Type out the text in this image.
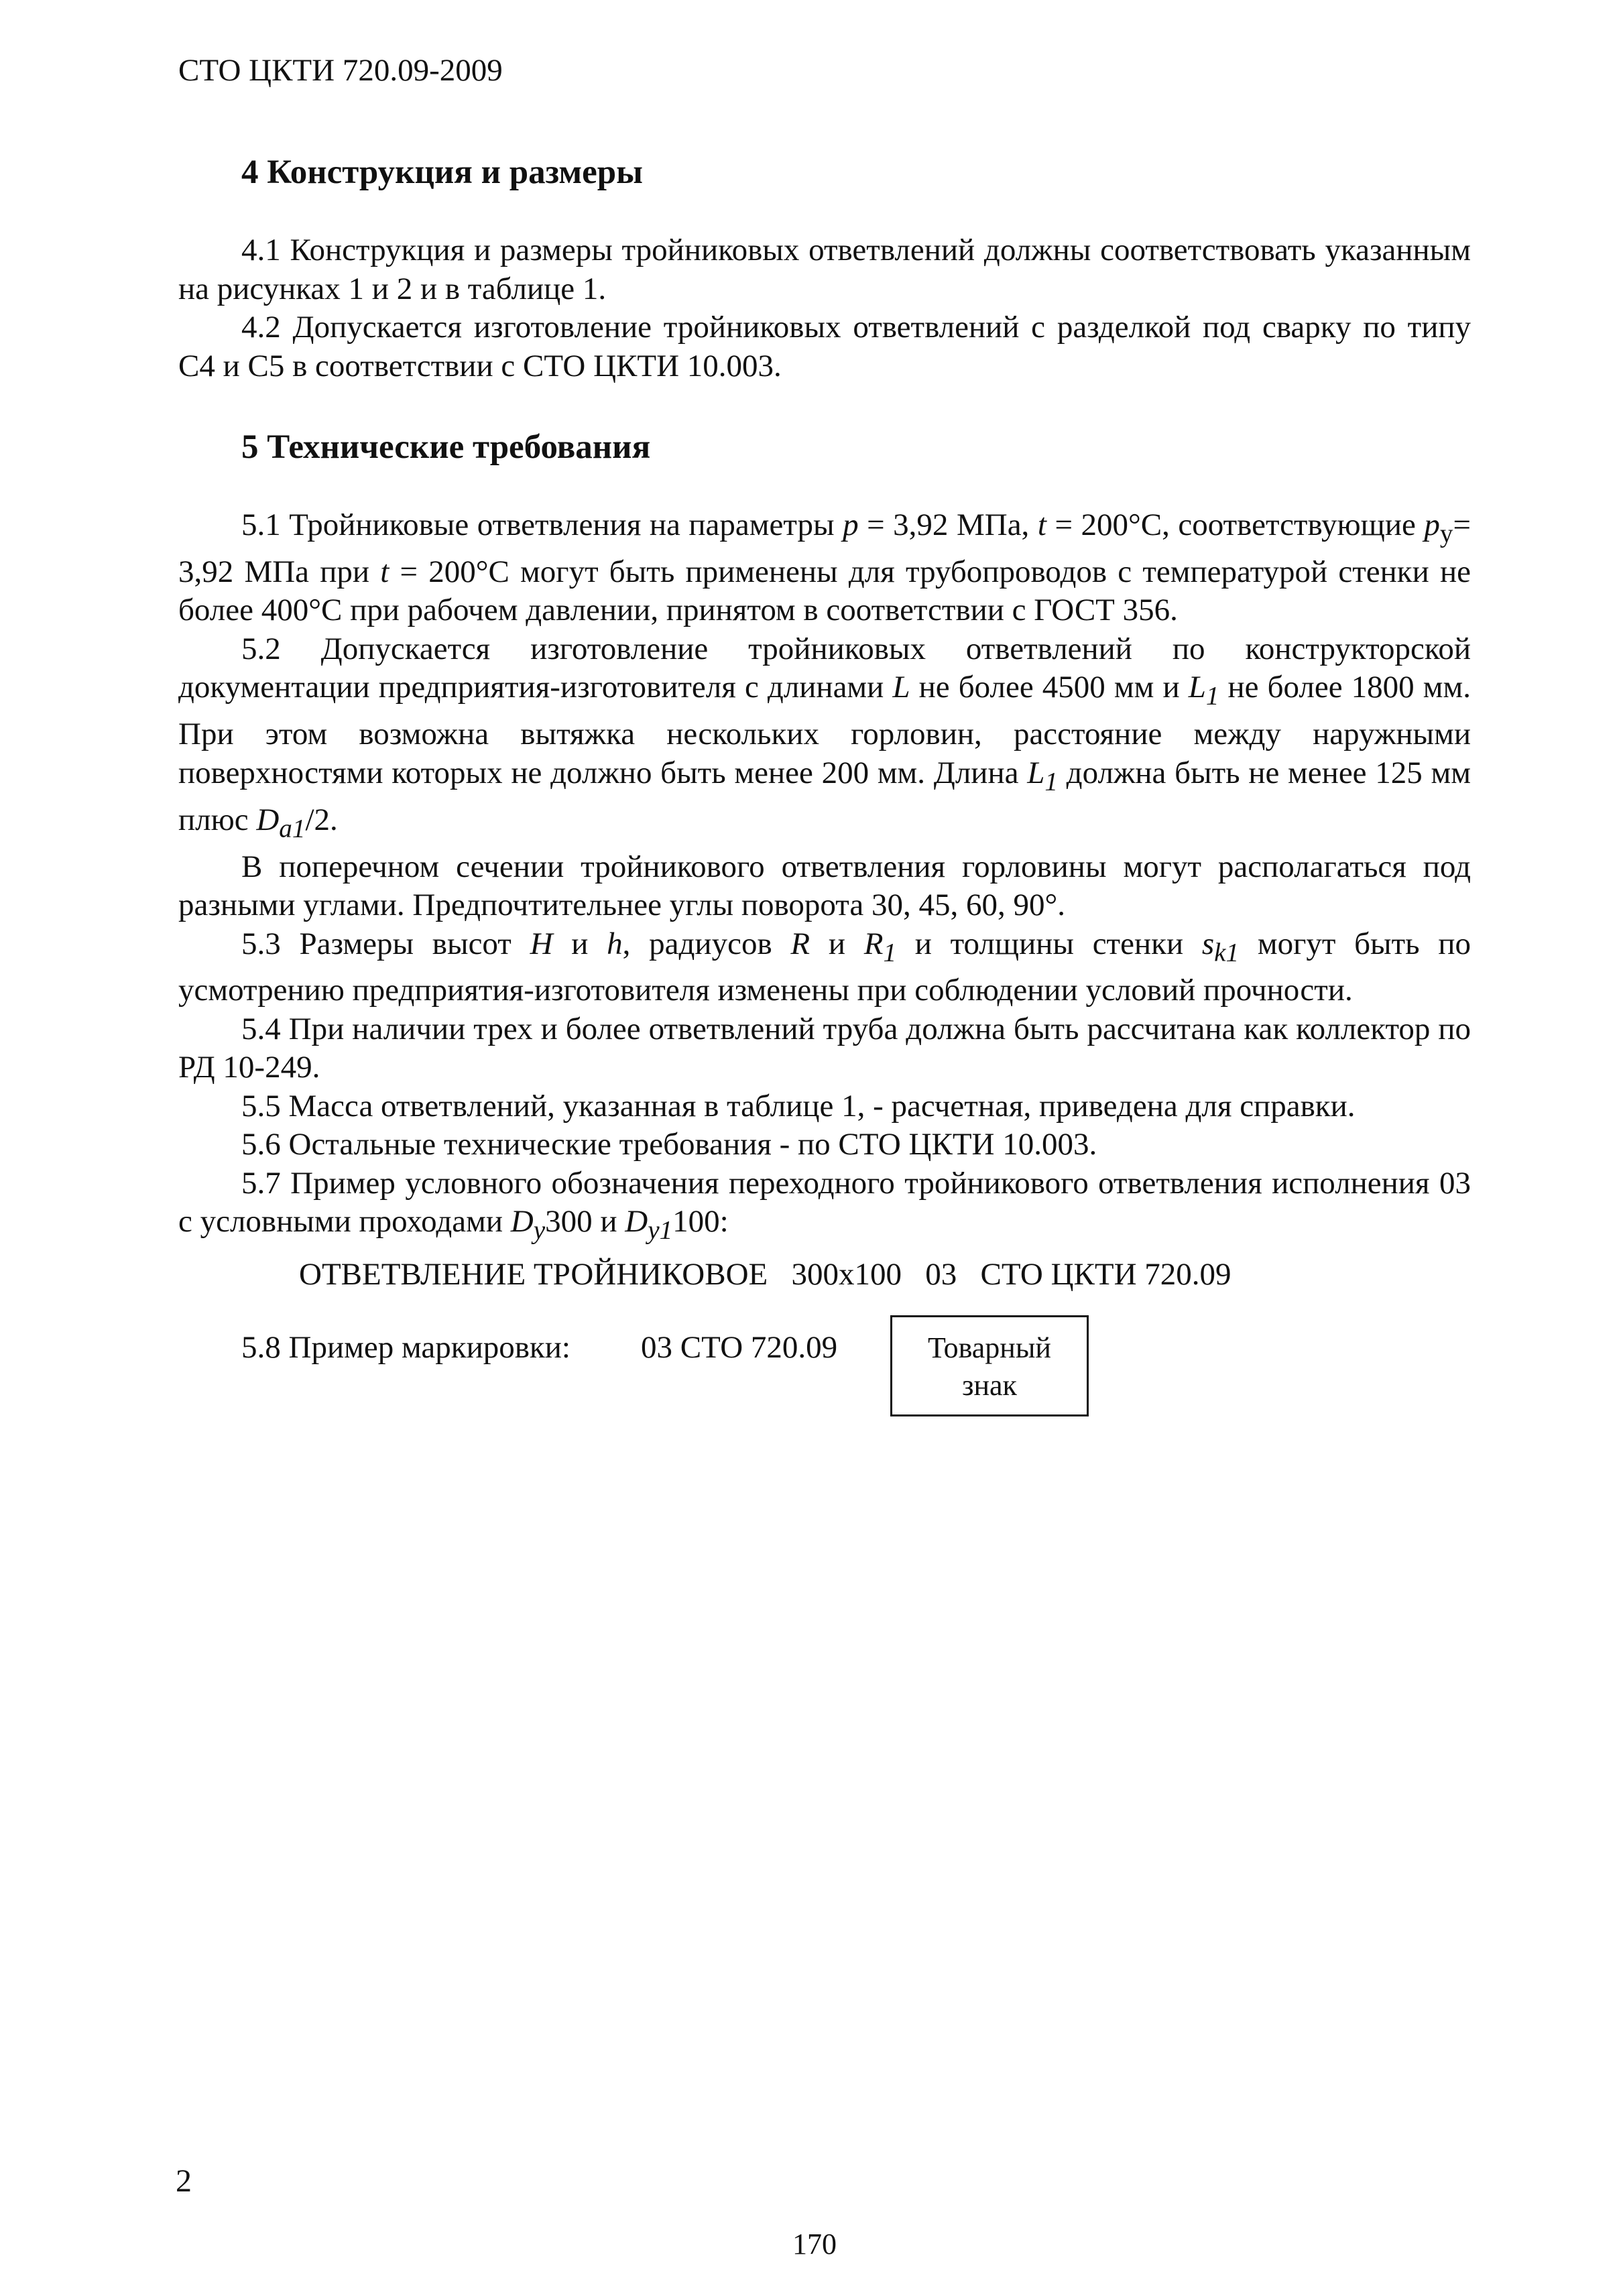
СТО ЦКТИ 720.09-2009
4 Конструкция и размеры

4.1 Конструкция и размеры тройниковых ответвлений должны соответствовать указанным на рисунках 1 и 2 и в таблице 1.

4.2 Допускается изготовление тройниковых ответвлений с разделкой под сварку по типу С4 и С5 в соответствии с СТО ЦКТИ 10.003.

5 Технические требования

5.1 Тройниковые ответвления на параметры р = 3,92 МПа, t = 200°С, соответствующие $р_у= 3,92$ МПа при t = 200°С могут быть применены для трубопроводов с температурой стенки не более 400°С при рабочем давлении, принятом в соответствии с ГОСТ 356.

5.2 Допускается изготовление тройниковых ответвлений по конструкторской документации предприятия-изготовителя с длинами L не более 4500 мм и $L_1$ не более 1800 мм. При этом возможна вытяжка нескольких горловин, расстояние между наружными поверхностями которых не должно быть менее 200 мм. Длина $L_1$ должна быть не менее 125 мм плюс $D_{a1}/2$.

В поперечном сечении тройникового ответвления горловины могут располагаться под разными углами. Предпочтительнее углы поворота 30, 45, 60, 90°.

5.3 Размеры высот H и h, радиусов R и $R_1$ и толщины стенки $s_{k1}$ могут быть по усмотрению предприятия-изготовителя изменены при соблюдении условий прочности.

5.4 При наличии трех и более ответвлений труба должна быть рассчитана как коллектор по РД 10-249.

5.5 Масса ответвлений, указанная в таблице 1, - расчетная, приведена для справки.

5.6 Остальные технические требования - по СТО ЦКТИ 10.003.

5.7 Пример условного обозначения переходного тройникового ответвления исполнения 03 с условными проходами $D_у300$ и $D_{у1}100$:

ОТВЕТВЛЕНИЕ ТРОЙНИКОВОЕ   300х100   03   СТО ЦКТИ 720.09
5.8 Пример маркировки: 03 СТО 720.09	Товарный
знак
2
170
